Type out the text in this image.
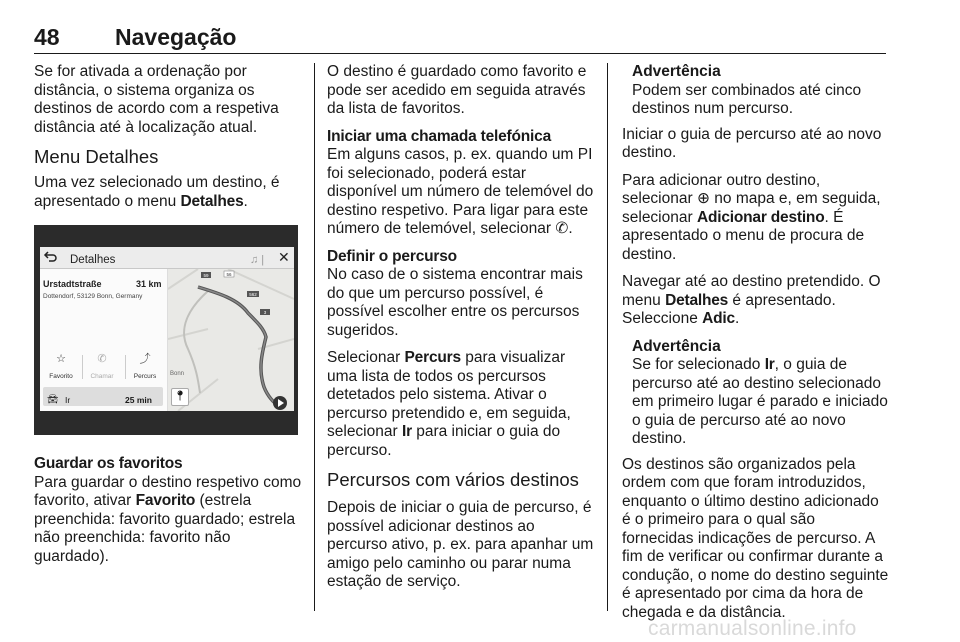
48 Navegação

Se for ativada a ordenação por distância, o sistema organiza os destinos de acordo com a respetiva distância até à localização atual.

Menu Detalhes

Uma vez selecionado um destino, é apresentado o menu Detalhes.

Detalhes	♫ | ✕
Urstadtstraße	31 km
Dottendorf, 53129 Bonn, Germany
☆
Favorito
✆
Chamar
⤴
Percurs
🚘︎ Ir	25 min
59	56
562
3
Bonn
📍︎

Guardar os favoritos

Para guardar o destino respetivo como favorito, ativar Favorito (estrela preenchida: favorito guardado; estrela não preenchida: favorito não guardado).

O destino é guardado como favorito e pode ser acedido em seguida através da lista de favoritos.

Iniciar uma chamada telefónica

Em alguns casos, p. ex. quando um PI foi selecionado, poderá estar disponível um número de telemóvel do destino respetivo. Para ligar para este número de telemóvel, selecionar ✆.

Definir o percurso

No caso de o sistema encontrar mais do que um percurso possível, é possível escolher entre os percursos sugeridos.

Selecionar Percurs para visualizar uma lista de todos os percursos detetados pelo sistema. Ativar o percurso pretendido e, em seguida, selecionar Ir para iniciar o guia do percurso.

Percursos com vários destinos

Depois de iniciar o guia de percurso, é possível adicionar destinos ao percurso ativo, p. ex. para apanhar um amigo pelo caminho ou parar numa estação de serviço.

Advertência
Podem ser combinados até cinco destinos num percurso.

Iniciar o guia de percurso até ao novo destino.

Para adicionar outro destino, selecionar ⊕ no mapa e, em seguida, selecionar Adicionar destino. É apresentado o menu de procura de destino.

Navegar até ao destino pretendido. O menu Detalhes é apresentado. Seleccione Adic.

Advertência
Se for selecionado Ir, o guia de percurso até ao destino selecionado em primeiro lugar é parado e iniciado o guia de percurso até ao novo destino.

Os destinos são organizados pela ordem com que foram introduzidos, enquanto o último destino adicionado é o primeiro para o qual são fornecidas indicações de percurso. A fim de verificar ou confirmar durante a condução, o nome do destino seguinte é apresentado por cima da hora de chegada e da distância.

carmanualsonline.info
